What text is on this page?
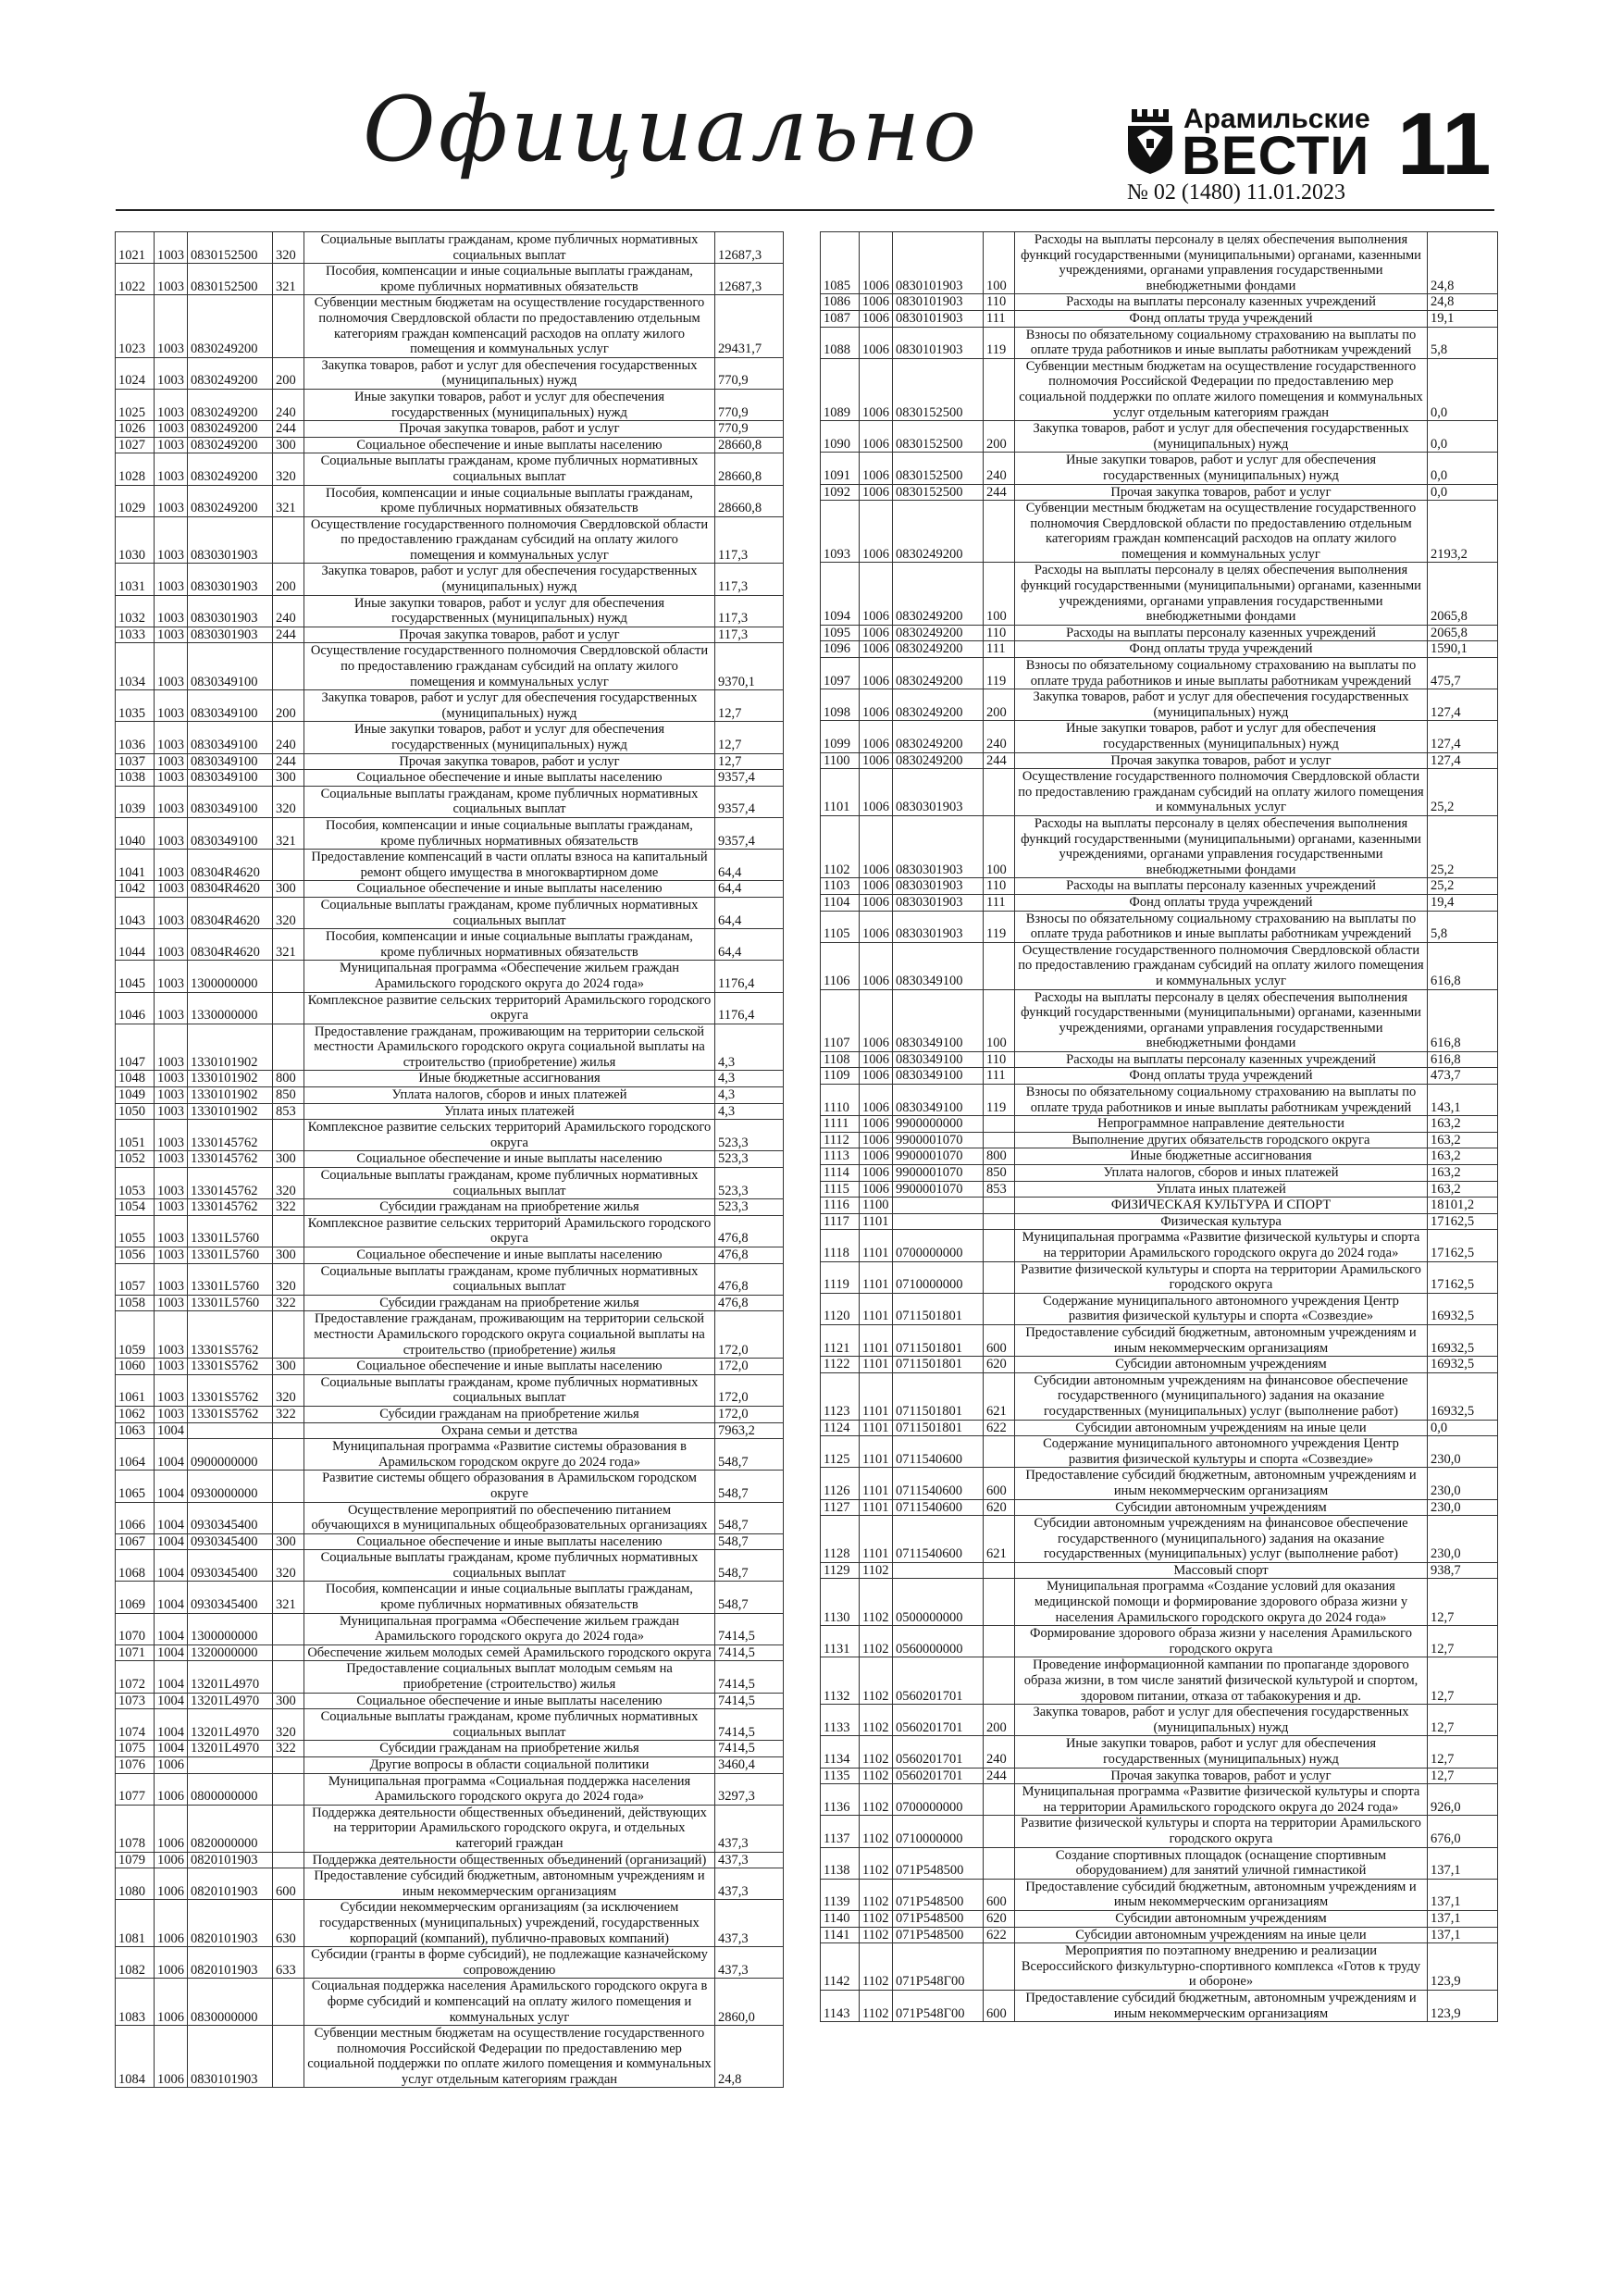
Официально	Арамильские
ВЕСТИ 11
№ 02 (1480) 11.01.2023
1021	1003	0830152500	320	Социальные выплаты гражданам, кроме публичных нормативных социальных выплат	12687,3
1022	1003	0830152500	321	Пособия, компенсации и иные социальные выплаты гражданам, кроме публичных нормативных обязательств	12687,3
1023	1003	0830249200		Субвенции местным бюджетам на осуществление государственного полномочия Свердловской области по предоставлению отдельным категориям граждан компенсаций расходов на оплату жилого помещения и коммунальных услуг	29431,7
1024	1003	0830249200	200	Закупка товаров, работ и услуг для обеспечения государственных (муниципальных) нужд	770,9
1025	1003	0830249200	240	Иные закупки товаров, работ и услуг для обеспечения государственных (муниципальных) нужд	770,9
1026	1003	0830249200	244	Прочая закупка товаров, работ и услуг	770,9
1027	1003	0830249200	300	Социальное обеспечение и иные выплаты населению	28660,8
1028	1003	0830249200	320	Социальные выплаты гражданам, кроме публичных нормативных социальных выплат	28660,8
1029	1003	0830249200	321	Пособия, компенсации и иные социальные выплаты гражданам, кроме публичных нормативных обязательств	28660,8
1030	1003	0830301903		Осуществление государственного полномочия Свердловской области по предоставлению гражданам субсидий на оплату жилого помещения и коммунальных услуг	117,3
1031	1003	0830301903	200	Закупка товаров, работ и услуг для обеспечения государственных (муниципальных) нужд	117,3
1032	1003	0830301903	240	Иные закупки товаров, работ и услуг для обеспечения государственных (муниципальных) нужд	117,3
1033	1003	0830301903	244	Прочая закупка товаров, работ и услуг	117,3
1034	1003	0830349100		Осуществление государственного полномочия Свердловской области по предоставлению гражданам субсидий на оплату жилого помещения и коммунальных услуг	9370,1
1035	1003	0830349100	200	Закупка товаров, работ и услуг для обеспечения государственных (муниципальных) нужд	12,7
1036	1003	0830349100	240	Иные закупки товаров, работ и услуг для обеспечения государственных (муниципальных) нужд	12,7
1037	1003	0830349100	244	Прочая закупка товаров, работ и услуг	12,7
1038	1003	0830349100	300	Социальное обеспечение и иные выплаты населению	9357,4
1039	1003	0830349100	320	Социальные выплаты гражданам, кроме публичных нормативных социальных выплат	9357,4
1040	1003	0830349100	321	Пособия, компенсации и иные социальные выплаты гражданам, кроме публичных нормативных обязательств	9357,4
1041	1003	08304R4620		Предоставление компенсаций в части оплаты взноса на капитальный ремонт общего имущества в многоквартирном доме	64,4
1042	1003	08304R4620	300	Социальное обеспечение и иные выплаты населению	64,4
1043	1003	08304R4620	320	Социальные выплаты гражданам, кроме публичных нормативных социальных выплат	64,4
1044	1003	08304R4620	321	Пособия, компенсации и иные социальные выплаты гражданам, кроме публичных нормативных обязательств	64,4
1045	1003	1300000000		Муниципальная программа «Обеспечение жильем граждан Арамильского городского округа до 2024 года»	1176,4
1046	1003	1330000000		Комплексное развитие сельских территорий Арамильского городского округа	1176,4
1047	1003	1330101902		Предоставление гражданам, проживающим на территории сельской местности Арамильского городского округа социальной выплаты на строительство (приобретение) жилья	4,3
1048	1003	1330101902	800	Иные бюджетные ассигнования	4,3
1049	1003	1330101902	850	Уплата налогов, сборов и иных платежей	4,3
1050	1003	1330101902	853	Уплата иных платежей	4,3
1051	1003	1330145762		Комплексное развитие сельских территорий Арамильского городского округа	523,3
1052	1003	1330145762	300	Социальное обеспечение и иные выплаты населению	523,3
1053	1003	1330145762	320	Социальные выплаты гражданам, кроме публичных нормативных социальных выплат	523,3
1054	1003	1330145762	322	Субсидии гражданам на приобретение жилья	523,3
1055	1003	13301L5760		Комплексное развитие сельских территорий Арамильского городского округа	476,8
1056	1003	13301L5760	300	Социальное обеспечение и иные выплаты населению	476,8
1057	1003	13301L5760	320	Социальные выплаты гражданам, кроме публичных нормативных социальных выплат	476,8
1058	1003	13301L5760	322	Субсидии гражданам на приобретение жилья	476,8
1059	1003	13301S5762		Предоставление гражданам, проживающим на территории сельской местности Арамильского городского округа социальной выплаты на строительство (приобретение) жилья	172,0
1060	1003	13301S5762	300	Социальное обеспечение и иные выплаты населению	172,0
1061	1003	13301S5762	320	Социальные выплаты гражданам, кроме публичных нормативных социальных выплат	172,0
1062	1003	13301S5762	322	Субсидии гражданам на приобретение жилья	172,0
1063	1004			Охрана семьи и детства	7963,2
1064	1004	0900000000		Муниципальная программа «Развитие системы образования в Арамильском городском округе до 2024 года»	548,7
1065	1004	0930000000		Развитие системы общего образования в Арамильском городском округе	548,7
1066	1004	0930345400		Осуществление мероприятий по обеспечению питанием обучающихся в муниципальных общеобразовательных организациях	548,7
1067	1004	0930345400	300	Социальное обеспечение и иные выплаты населению	548,7
1068	1004	0930345400	320	Социальные выплаты гражданам, кроме публичных нормативных социальных выплат	548,7
1069	1004	0930345400	321	Пособия, компенсации и иные социальные выплаты гражданам, кроме публичных нормативных обязательств	548,7
1070	1004	1300000000		Муниципальная программа «Обеспечение жильем граждан Арамильского городского округа до 2024 года»	7414,5
1071	1004	1320000000		Обеспечение жильем молодых семей Арамильского городского округа	7414,5
1072	1004	13201L4970		Предоставление социальных выплат молодым семьям на приобретение (строительство) жилья	7414,5
1073	1004	13201L4970	300	Социальное обеспечение и иные выплаты населению	7414,5
1074	1004	13201L4970	320	Социальные выплаты гражданам, кроме публичных нормативных социальных выплат	7414,5
1075	1004	13201L4970	322	Субсидии гражданам на приобретение жилья	7414,5
1076	1006			Другие вопросы в области социальной политики	3460,4
1077	1006	0800000000		Муниципальная программа «Социальная поддержка населения Арамильского городского округа до 2024 года»	3297,3
1078	1006	0820000000		Поддержка деятельности общественных объединений, действующих на территории Арамильского городского округа, и отдельных категорий граждан	437,3
1079	1006	0820101903		Поддержка деятельности общественных объединений (организаций)	437,3
1080	1006	0820101903	600	Предоставление субсидий бюджетным, автономным учреждениям и иным некоммерческим организациям	437,3
1081	1006	0820101903	630	Субсидии некоммерческим организациям (за исключением государственных (муниципальных) учреждений, государственных корпораций (компаний), публично-правовых компаний)	437,3
1082	1006	0820101903	633	Субсидии (гранты в форме субсидий), не подлежащие казначейскому сопровождению	437,3
1083	1006	0830000000		Социальная поддержка населения Арамильского городского округа в форме субсидий и компенсаций на оплату жилого помещения и коммунальных услуг	2860,0
1084	1006	0830101903		Субвенции местным бюджетам на осуществление государственного полномочия Российской Федерации по предоставлению мер социальной поддержки по оплате жилого помещения и коммунальных услуг отдельным категориям граждан	24,8
1085	1006	0830101903	100	Расходы на выплаты персоналу в целях обеспечения выполнения функций государственными (муниципальными) органами, казенными учреждениями, органами управления государственными внебюджетными фондами	24,8
1086	1006	0830101903	110	Расходы на выплаты персоналу казенных учреждений	24,8
1087	1006	0830101903	111	Фонд оплаты труда учреждений	19,1
1088	1006	0830101903	119	Взносы по обязательному социальному страхованию на выплаты по оплате труда работников и иные выплаты работникам учреждений	5,8
1089	1006	0830152500		Субвенции местным бюджетам на осуществление государственного полномочия Российской Федерации по предоставлению мер социальной поддержки по оплате жилого помещения и коммунальных услуг отдельным категориям граждан	0,0
1090	1006	0830152500	200	Закупка товаров, работ и услуг для обеспечения государственных (муниципальных) нужд	0,0
1091	1006	0830152500	240	Иные закупки товаров, работ и услуг для обеспечения государственных (муниципальных) нужд	0,0
1092	1006	0830152500	244	Прочая закупка товаров, работ и услуг	0,0
1093	1006	0830249200		Субвенции местным бюджетам на осуществление государственного полномочия Свердловской области по предоставлению отдельным категориям граждан компенсаций расходов на оплату жилого помещения и коммунальных услуг	2193,2
1094	1006	0830249200	100	Расходы на выплаты персоналу в целях обеспечения выполнения функций государственными (муниципальными) органами, казенными учреждениями, органами управления государственными внебюджетными фондами	2065,8
1095	1006	0830249200	110	Расходы на выплаты персоналу казенных учреждений	2065,8
1096	1006	0830249200	111	Фонд оплаты труда учреждений	1590,1
1097	1006	0830249200	119	Взносы по обязательному социальному страхованию на выплаты по оплате труда работников и иные выплаты работникам учреждений	475,7
1098	1006	0830249200	200	Закупка товаров, работ и услуг для обеспечения государственных (муниципальных) нужд	127,4
1099	1006	0830249200	240	Иные закупки товаров, работ и услуг для обеспечения государственных (муниципальных) нужд	127,4
1100	1006	0830249200	244	Прочая закупка товаров, работ и услуг	127,4
1101	1006	0830301903		Осуществление государственного полномочия Свердловской области по предоставлению гражданам субсидий на оплату жилого помещения и коммунальных услуг	25,2
1102	1006	0830301903	100	Расходы на выплаты персоналу в целях обеспечения выполнения функций государственными (муниципальными) органами, казенными учреждениями, органами управления государственными внебюджетными фондами	25,2
1103	1006	0830301903	110	Расходы на выплаты персоналу казенных учреждений	25,2
1104	1006	0830301903	111	Фонд оплаты труда учреждений	19,4
1105	1006	0830301903	119	Взносы по обязательному социальному страхованию на выплаты по оплате труда работников и иные выплаты работникам учреждений	5,8
1106	1006	0830349100		Осуществление государственного полномочия Свердловской области по предоставлению гражданам субсидий на оплату жилого помещения и коммунальных услуг	616,8
1107	1006	0830349100	100	Расходы на выплаты персоналу в целях обеспечения выполнения функций государственными (муниципальными) органами, казенными учреждениями, органами управления государственными внебюджетными фондами	616,8
1108	1006	0830349100	110	Расходы на выплаты персоналу казенных учреждений	616,8
1109	1006	0830349100	111	Фонд оплаты труда учреждений	473,7
1110	1006	0830349100	119	Взносы по обязательному социальному страхованию на выплаты по оплате труда работников и иные выплаты работникам учреждений	143,1
1111	1006	9900000000		Непрограммное направление деятельности	163,2
1112	1006	9900001070		Выполнение других обязательств городского округа	163,2
1113	1006	9900001070	800	Иные бюджетные ассигнования	163,2
1114	1006	9900001070	850	Уплата налогов, сборов и иных платежей	163,2
1115	1006	9900001070	853	Уплата иных платежей	163,2
1116	1100			ФИЗИЧЕСКАЯ КУЛЬТУРА И СПОРТ	18101,2
1117	1101			Физическая культура	17162,5
1118	1101	0700000000		Муниципальная программа «Развитие физической культуры и спорта на территории Арамильского городского округа до 2024 года»	17162,5
1119	1101	0710000000		Развитие физической культуры и спорта на территории Арамильского городского округа	17162,5
1120	1101	0711501801		Содержание муниципального автономного учреждения Центр развития физической культуры и спорта «Созвездие»	16932,5
1121	1101	0711501801	600	Предоставление субсидий бюджетным, автономным учреждениям и иным некоммерческим организациям	16932,5
1122	1101	0711501801	620	Субсидии автономным учреждениям	16932,5
1123	1101	0711501801	621	Субсидии автономным учреждениям на финансовое обеспечение государственного (муниципального) задания на оказание государственных (муниципальных) услуг (выполнение работ)	16932,5
1124	1101	0711501801	622	Субсидии автономным учреждениям на иные цели	0,0
1125	1101	0711540600		Содержание муниципального автономного учреждения Центр развития физической культуры и спорта «Созвездие»	230,0
1126	1101	0711540600	600	Предоставление субсидий бюджетным, автономным учреждениям и иным некоммерческим организациям	230,0
1127	1101	0711540600	620	Субсидии автономным учреждениям	230,0
1128	1101	0711540600	621	Субсидии автономным учреждениям на финансовое обеспечение государственного (муниципального) задания на оказание государственных (муниципальных) услуг (выполнение работ)	230,0
1129	1102			Массовый спорт	938,7
1130	1102	0500000000		Муниципальная программа «Создание условий для оказания медицинской помощи и формирование здорового образа жизни у населения Арамильского городского округа до 2024 года»	12,7
1131	1102	0560000000		Формирование здорового образа жизни у населения Арамильского городского округа	12,7
1132	1102	0560201701		Проведение информационной кампании по пропаганде здорового образа жизни, в том числе занятий физической культурой и спортом, здоровом питании, отказа от табакокурения и др.	12,7
1133	1102	0560201701	200	Закупка товаров, работ и услуг для обеспечения государственных (муниципальных) нужд	12,7
1134	1102	0560201701	240	Иные закупки товаров, работ и услуг для обеспечения государственных (муниципальных) нужд	12,7
1135	1102	0560201701	244	Прочая закупка товаров, работ и услуг	12,7
1136	1102	0700000000		Муниципальная программа «Развитие физической культуры и спорта на территории Арамильского городского округа до 2024 года»	926,0
1137	1102	0710000000		Развитие физической культуры и спорта на территории Арамильского городского округа	676,0
1138	1102	071P548500		Создание спортивных площадок (оснащение спортивным оборудованием) для занятий уличной гимнастикой	137,1
1139	1102	071P548500	600	Предоставление субсидий бюджетным, автономным учреждениям и иным некоммерческим организациям	137,1
1140	1102	071P548500	620	Субсидии автономным учреждениям	137,1
1141	1102	071P548500	622	Субсидии автономным учреждениям на иные цели	137,1
1142	1102	071P548Г00		Мероприятия по поэтапному внедрению и реализации Всероссийского физкультурно-спортивного комплекса «Готов к труду и обороне»	123,9
1143	1102	071P548Г00	600	Предоставление субсидий бюджетным, автономным учреждениям и иным некоммерческим организациям	123,9
